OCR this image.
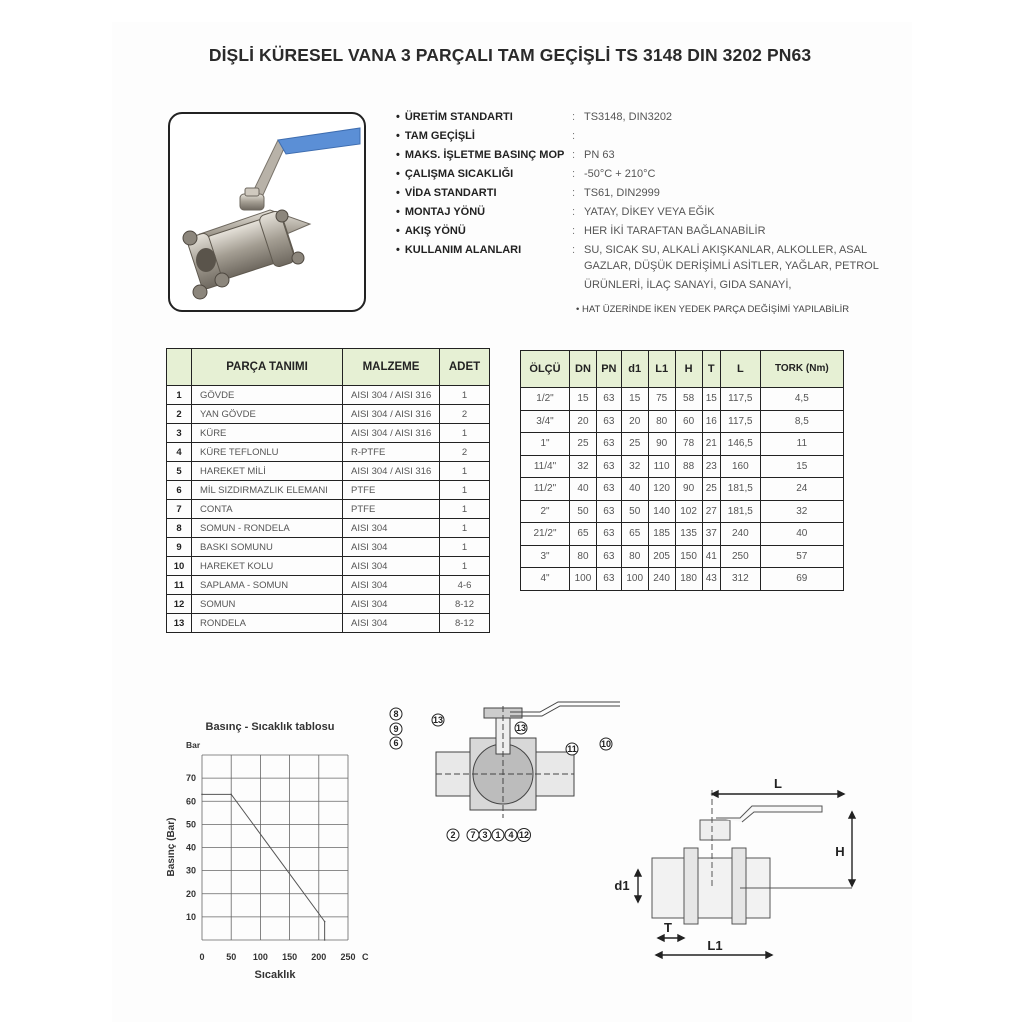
DİŞLİ KÜRESEL VANA 3 PARÇALI TAM GEÇİŞLİ TS 3148 DIN 3202 PN63
• ÜRETİM STANDARTI	: TS3148, DIN3202
• TAM GEÇİŞLİ	:
• MAKS. İŞLETME BASINÇ MOP : PN 63
• ÇALIŞMA SICAKLIĞI	: -50°C + 210°C
• VİDA STANDARTI	: TS61, DIN2999
• MONTAJ YÖNÜ	: YATAY, DİKEY VEYA EĞİK
• AKIŞ YÖNÜ	: HER İKİ TARAFTAN BAĞLANABİLİR
• KULLANIM ALANLARI	: SU, SICAK SU, ALKALİ AKIŞKANLAR, ALKOLLER, ASAL
GAZLAR, DÜŞÜK DERİŞİMLİ ASİTLER, YAĞLAR, PETROL
ÜRÜNLERİ, İLAÇ SANAYİ, GIDA SANAYİ,
• HAT ÜZERİNDE İKEN YEDEK PARÇA DEĞİŞİMİ YAPILABİLİR
	PARÇA TANIMI	MALZEME	ADET
1	GÖVDE	AISI 304 / AISI 316	1
2	YAN GÖVDE	AISI 304 / AISI 316	2
3	KÜRE	AISI 304 / AISI 316	1
4	KÜRE TEFLONLU	R-PTFE	2
5	HAREKET MİLİ	AISI 304 / AISI 316	1
6	MİL SIZDIRMAZLIK ELEMANI	PTFE	1
7	CONTA	PTFE	1
8	SOMUN - RONDELA	AISI 304	1
9	BASKI SOMUNU	AISI 304	1
10	HAREKET KOLU	AISI 304	1
11	SAPLAMA - SOMUN	AISI 304	4-6
12	SOMUN	AISI 304	8-12
13	RONDELA	AISI 304	8-12
ÖLÇÜ	DN	PN	d1	L1	H	T	L	TORK (Nm)
1/2"	15	63	15	75	58	15	117,5	4,5
3/4"	20	63	20	80	60	16	117,5	8,5
1"	25	63	25	90	78	21	146,5	11
11/4"	32	63	32	110	88	23	160	15
11/2"	40	63	40	120	90	25	181,5	24
2"	50	63	50	140	102	27	181,5	32
21/2"	65	63	65	185	135	37	240	40
3"	80	63	80	205	150	41	250	57
4"	100	63	100	240	180	43	312	69
Basınç - Sıcaklık tablosu
Bar
10
20
30
40
50
60
70
0 50 100 150 200 250 C
Sıcaklık
Basınç (Bar)
8
13
9
6
13
11	10
2 7 3 1 4 12
L
H
d1
T
L1
